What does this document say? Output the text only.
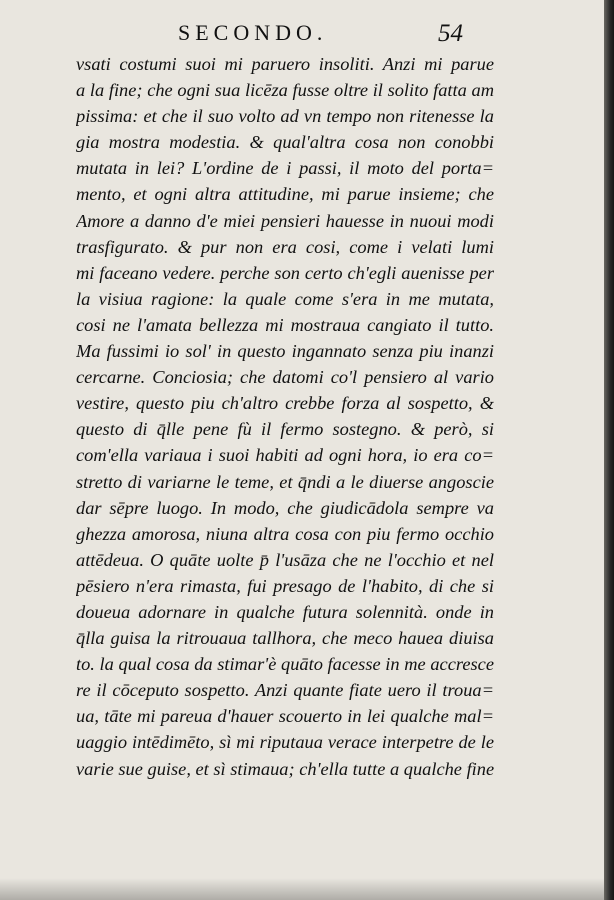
SECONDO.	54
vsati costumi suoi mi paruero insoliti. Anzi mi parue
a la fine; che ogni sua licēza fusse oltre il solito fatta am
pissima: et che il suo volto ad vn tempo non ritenesse la
gia mostra modestia. & qual'altra cosa non conobbi
mutata in lei? L'ordine de i passi, il moto del porta=
mento, et ogni altra attitudine, mi parue insieme; che
Amore a danno d'e miei pensieri hauesse in nuoui modi
trasfigurato. & pur non era cosi, come i velati lumi
mi faceano vedere. perche son certo ch'egli auenisse per
la visiua ragione: la quale come s'era in me mutata,
cosi ne l'amata bellezza mi mostraua cangiato il tutto.
Ma fussimi io sol' in questo ingannato senza piu inanzi
cercarne. Conciosia; che datomi co'l pensiero al vario
vestire, questo piu ch'altro crebbe forza al sospetto, &
questo di q̄lle pene fù il fermo sostegno. & però, si
com'ella variaua i suoi habiti ad ogni hora, io era co=
stretto di variarne le teme, et q̄ndi a le diuerse angoscie
dar sēpre luogo. In modo, che giudicādola sempre va
ghezza amorosa, niuna altra cosa con piu fermo occhio
attēdeua. O quāte uolte p̄ l'usāza che ne l'occhio et nel
pēsiero n'era rimasta, fui presago de l'habito, di che si
doueua adornare in qualche futura solennità. onde in
q̄lla guisa la ritrouaua tallhora, che meco hauea diuisa
to. la qual cosa da stimar'è quāto facesse in me accresce
re il cōceputo sospetto. Anzi quante fiate uero il troua=
ua, tāte mi pareua d'hauer scouerto in lei qualche mal=
uaggio intēdimēto, sì mi riputaua verace interpetre de le
varie sue guise, et sì stimaua; ch'ella tutte a qualche fine
